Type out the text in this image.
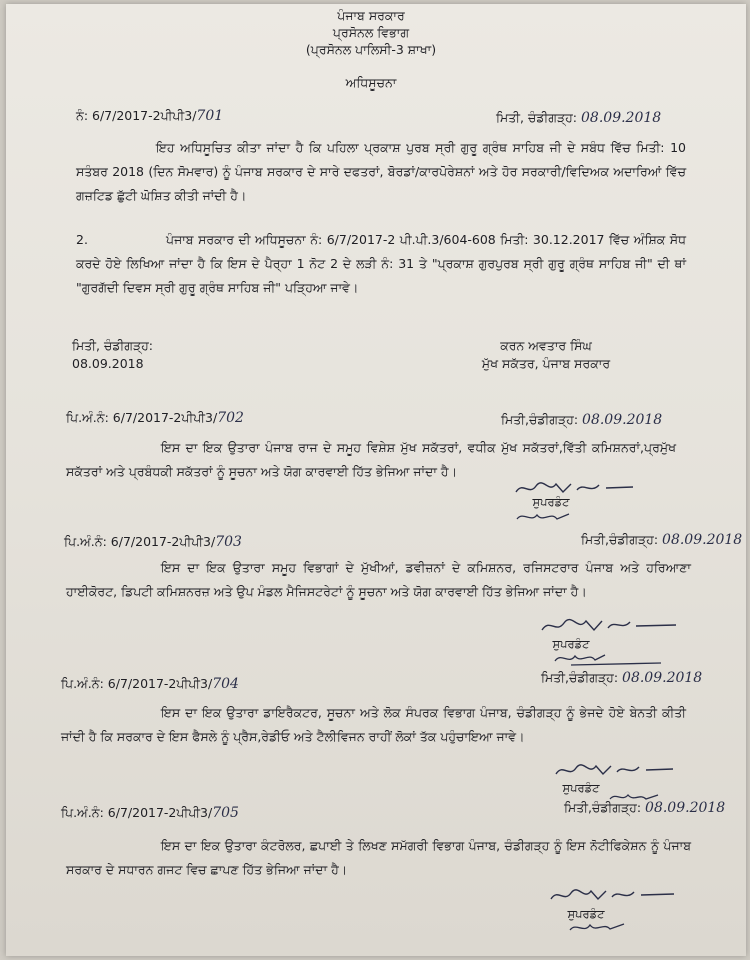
ਪੰਜਾਬ ਸਰਕਾਰ
ਪ੍ਰਸੋਨਲ ਵਿਭਾਗ
(ਪ੍ਰਸੋਨਲ ਪਾਲਿਸੀ-3 ਸ਼ਾਖਾ)
ਅਧਿਸੂਚਨਾ
ਨੰ: 6/7/2017-2ਪੀਪੀ3/701	ਮਿਤੀ, ਚੰਡੀਗੜ੍ਹ: 08.09.2018
ਇਹ ਅਧਿਸੂਚਿਤ ਕੀਤਾ ਜਾਂਦਾ ਹੈ ਕਿ ਪਹਿਲਾ ਪ੍ਰਕਾਸ਼ ਪੁਰਬ ਸ੍ਰੀ ਗੁਰੂ ਗ੍ਰੰਥ ਸਾਹਿਬ ਜੀ ਦੇ ਸਬੰਧ ਵਿੱਚ ਮਿਤੀ: 10 ਸਤੰਬਰ 2018 (ਦਿਨ ਸੋਮਵਾਰ) ਨੂੰ ਪੰਜਾਬ ਸਰਕਾਰ ਦੇ ਸਾਰੇ ਦਫਤਰਾਂ, ਬੋਰਡਾਂ/ਕਾਰਪੋਰੇਸ਼ਨਾਂ ਅਤੇ ਹੋਰ ਸਰਕਾਰੀ/ਵਿਦਿਅਕ ਅਦਾਰਿਆਂ ਵਿੱਚ ਗਜ਼ਟਿਡ ਛੁੱਟੀ ਘੋਸ਼ਿਤ ਕੀਤੀ ਜਾਂਦੀ ਹੈ।
2.	ਪੰਜਾਬ ਸਰਕਾਰ ਦੀ ਅਧਿਸੂਚਨਾ ਨੰ: 6/7/2017-2 ਪੀ.ਪੀ.3/604-608 ਮਿਤੀ: 30.12.2017 ਵਿੱਚ ਅੰਸ਼ਿਕ ਸੋਧ ਕਰਦੇ ਹੋਏ ਲਿਖਿਆ ਜਾਂਦਾ ਹੈ ਕਿ ਇਸ ਦੇ ਪੈਰ੍ਹਾ 1 ਨੋਟ 2 ਦੇ ਲੜੀ ਨੰ: 31 ਤੇ "ਪ੍ਰਕਾਸ਼ ਗੁਰਪੁਰਬ ਸ੍ਰੀ ਗੁਰੂ ਗ੍ਰੰਥ ਸਾਹਿਬ ਜੀ" ਦੀ ਥਾਂ "ਗੁਰਗੱਦੀ ਦਿਵਸ ਸ੍ਰੀ ਗੁਰੂ ਗ੍ਰੰਥ ਸਾਹਿਬ ਜੀ" ਪੜ੍ਹਿਆ ਜਾਵੇ।
ਮਿਤੀ, ਚੰਡੀਗੜ੍ਹ:
08.09.2018
ਕਰਨ ਅਵਤਾਰ ਸਿੰਘ
ਮੁੱਖ ਸਕੱਤਰ, ਪੰਜਾਬ ਸਰਕਾਰ
ਪਿ.ਅੰ.ਨੰ: 6/7/2017-2ਪੀਪੀ3/702	ਮਿਤੀ,ਚੰਡੀਗੜ੍ਹ: 08.09.2018
ਇਸ ਦਾ ਇਕ ਉਤਾਰਾ ਪੰਜਾਬ ਰਾਜ ਦੇ ਸਮੂਹ ਵਿਸ਼ੇਸ਼ ਮੁੱਖ ਸਕੱਤਰਾਂ, ਵਧੀਕ ਮੁੱਖ ਸਕੱਤਰਾਂ,ਵਿੱਤੀ ਕਮਿਸ਼ਨਰਾਂ,ਪ੍ਰਮੁੱਖ ਸਕੱਤਰਾਂ ਅਤੇ ਪ੍ਰਬੰਧਕੀ ਸਕੱਤਰਾਂ ਨੂੰ ਸੂਚਨਾ ਅਤੇ ਯੋਗ ਕਾਰਵਾਈ ਹਿੱਤ ਭੇਜਿਆ ਜਾਂਦਾ ਹੈ।
ਸੁਪਰਡੰਟ
ਪਿ.ਅੰ.ਨੰ: 6/7/2017-2ਪੀਪੀ3/703	ਮਿਤੀ,ਚੰਡੀਗੜ੍ਹ: 08.09.2018
ਇਸ ਦਾ ਇਕ ਉਤਾਰਾ ਸਮੂਹ ਵਿਭਾਗਾਂ ਦੇ ਮੁੱਖੀਆਂ, ਡਵੀਜ਼ਨਾਂ ਦੇ ਕਮਿਸ਼ਨਰ, ਰਜਿਸਟਰਾਰ ਪੰਜਾਬ ਅਤੇ ਹਰਿਆਣਾ ਹਾਈਕੋਰਟ, ਡਿਪਟੀ ਕਮਿਸ਼ਨਰਜ਼ ਅਤੇ ਉਪ ਮੰਡਲ ਮੈਜਿਸਟਰੇਟਾਂ ਨੂੰ ਸੂਚਨਾ ਅਤੇ ਯੋਗ ਕਾਰਵਾਈ ਹਿੱਤ ਭੇਜਿਆ ਜਾਂਦਾ ਹੈ।
ਸੁਪਰਡੰਟ
ਪਿ.ਅੰ.ਨੰ: 6/7/2017-2ਪੀਪੀ3/704	ਮਿਤੀ,ਚੰਡੀਗੜ੍ਹ: 08.09.2018
ਇਸ ਦਾ ਇਕ ਉਤਾਰਾ ਡਾਇਰੈਕਟਰ, ਸੂਚਨਾ ਅਤੇ ਲੋਕ ਸੰਪਰਕ ਵਿਭਾਗ ਪੰਜਾਬ, ਚੰਡੀਗੜ੍ਹ ਨੂੰ ਭੇਜਦੇ ਹੋਏ ਬੇਨਤੀ ਕੀਤੀ ਜਾਂਦੀ ਹੈ ਕਿ ਸਰਕਾਰ ਦੇ ਇਸ ਫੈਸਲੇ ਨੂੰ ਪ੍ਰੈਸ,ਰੇਡੀਓ ਅਤੇ ਟੈਲੀਵਿਜਨ ਰਾਹੀਂ ਲੋਕਾਂ ਤੱਕ ਪਹੁੰਚਾਇਆ ਜਾਵੇ।
ਸੁਪਰਡੰਟ
ਪਿ.ਅੰ.ਨੰ: 6/7/2017-2ਪੀਪੀ3/705	ਮਿਤੀ,ਚੰਡੀਗੜ੍ਹ: 08.09.2018
ਇਸ ਦਾ ਇਕ ਉਤਾਰਾ ਕੰਟਰੋਲਰ, ਛਪਾਈ ਤੇ ਲਿਖਣ ਸਮੱਗਰੀ ਵਿਭਾਗ ਪੰਜਾਬ, ਚੰਡੀਗੜ੍ਹ ਨੂੰ ਇਸ ਨੋਟੀਫਿਕੇਸ਼ਨ ਨੂੰ ਪੰਜਾਬ ਸਰਕਾਰ ਦੇ ਸਧਾਰਨ ਗਜਟ ਵਿਚ ਛਾਪਣ ਹਿੱਤ ਭੇਜਿਆ ਜਾਂਦਾ ਹੈ।
ਸੁਪਰਡੰਟ
